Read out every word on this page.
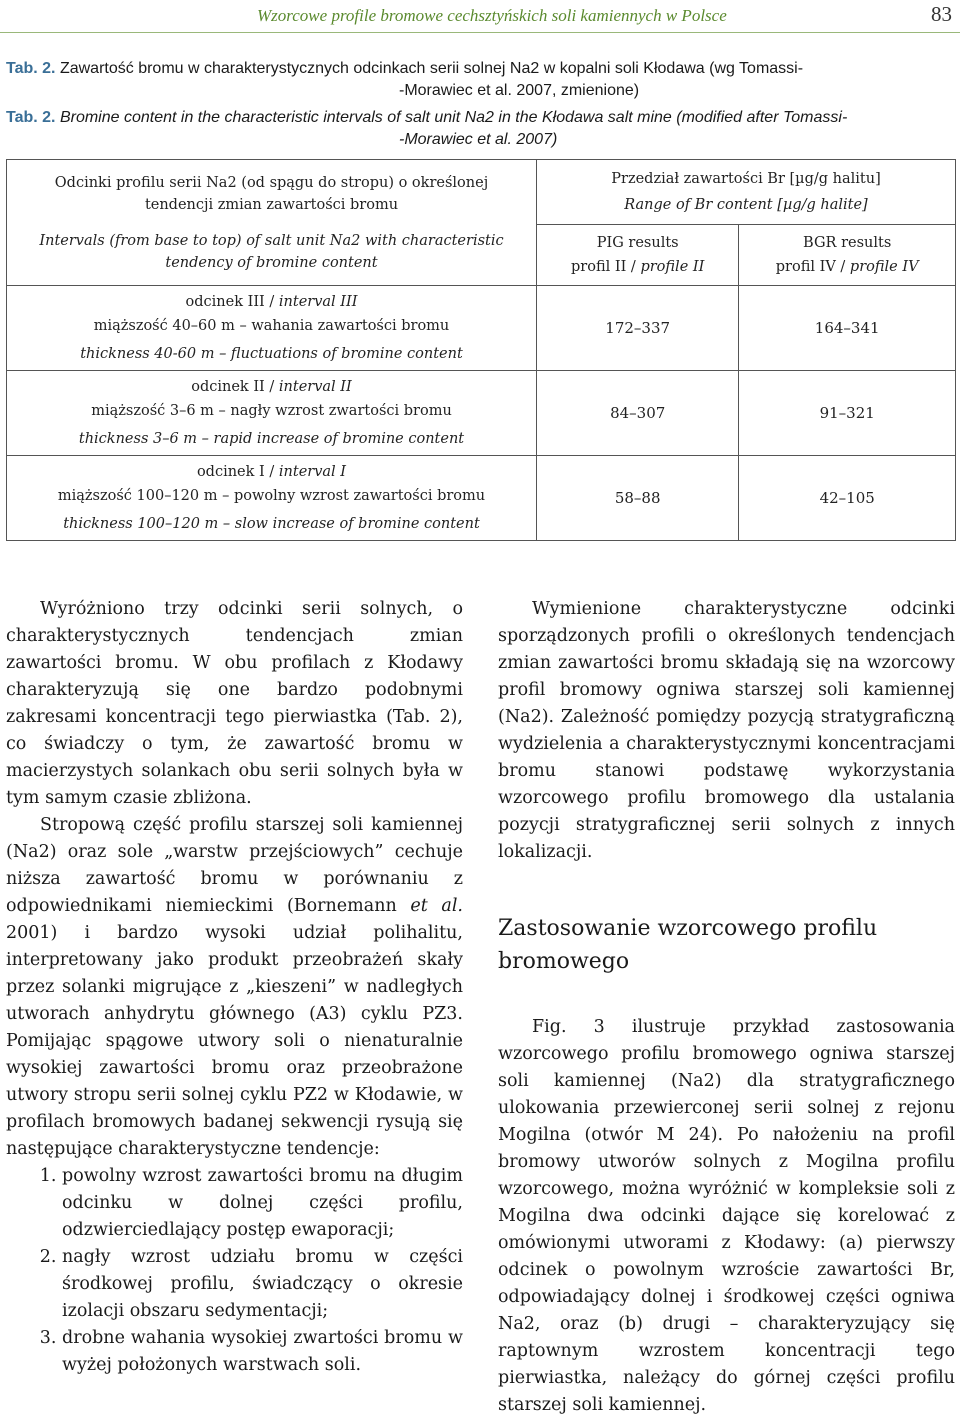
Wzorcowe profile bromowe cechsztyńskich soli kamiennych w Polsce	83
Tab. 2. Zawartość bromu w charakterystycznych odcinkach serii solnej Na2 w kopalni soli Kłodawa (wg Tomassi-
-Morawiec et al. 2007, zmienione)
Tab. 2. Bromine content in the characteristic intervals of salt unit Na2 in the Kłodawa salt mine (modified after Tomassi-
-Morawiec et al. 2007)
Odcinki profilu serii Na2 (od spągu do stropu) o określonej tendencji zmian zawartości bromu
Intervals (from base to top) of salt unit Na2 with characteristic tendency of bromine content	Przedział zawartości Br [µg/g halitu]
Range of Br content [µg/g halite]	

	PIG results
profil II / profile II	BGR results
profil IV / profile IV

odcinek III / interval III
miąższość 40–60 m – wahania zawartości bromu
thickness 40-60 m – fluctuations of bromine content	172–337	164–341

odcinek II / interval II
miąższość 3–6 m – nagły wzrost zwartości bromu
thickness 3–6 m – rapid increase of bromine content	84–307	91–321

odcinek I / interval I
miąższość 100–120 m – powolny wzrost zawartości bromu
thickness 100–120 m – slow increase of bromine content	58–88	42–105

Wyróżniono trzy odcinki serii solnych, o charakterystycznych tendencjach zmian zawartości bromu. W obu profilach z Kłodawy charakteryzują się one bardzo podobnymi zakresami koncentracji tego pierwiastka (Tab. 2), co świadczy o tym, że zawartość bromu w macierzystych solankach obu serii solnych była w tym samym czasie zbliżona.

Stropową część profilu starszej soli kamiennej (Na2) oraz sole „warstw przejściowych” cechuje niższa zawartość bromu w porównaniu z odpowiednikami niemieckimi (Bornemann et al. 2001) i bardzo wysoki udział polihalitu, interpretowany jako produkt przeobrażeń skały przez solanki migrujące z „kieszeni” w nadległych utworach anhydrytu głównego (A3) cyklu PZ3. Pomijając spągowe utwory soli o nienaturalnie wysokiej zawartości bromu oraz przeobrażone utwory stropu serii solnej cyklu PZ2 w Kłodawie, w profilach bromowych badanej sekwencji rysują się następujące charakterystyczne tendencje:

1. powolny wzrost zawartości bromu na długim odcinku w dolnej części profilu, odzwierciedlający postęp ewaporacji;
2. nagły wzrost udziału bromu w części środkowej profilu, świadczący o okresie izolacji obszaru sedymentacji;
3. drobne wahania wysokiej zwartości bromu w wyżej położonych warstwach soli.

Wymienione charakterystyczne odcinki sporządzonych profili o określonych tendencjach zmian zawartości bromu składają się na wzorcowy profil bromowy ogniwa starszej soli kamiennej (Na2). Zależność pomiędzy pozycją stratygraficzną wydzielenia a charakterystycznymi koncentracjami bromu stanowi podstawę wykorzystania wzorcowego profilu bromowego dla ustalania pozycji stratygraficznej serii solnych z innych lokalizacji.

Zastosowanie wzorcowego profilu bromowego

Fig. 3 ilustruje przykład zastosowania wzorcowego profilu bromowego ogniwa starszej soli kamiennej (Na2) dla stratygraficznego ulokowania przewierconej serii solnej z rejonu Mogilna (otwór M 24). Po nałożeniu na profil bromowy utworów solnych z Mogilna profilu wzorcowego, można wyróżnić w kompleksie soli z Mogilna dwa odcinki dające się korelować z omówionymi utworami z Kłodawy: (a) pierwszy odcinek o powolnym wzroście zawartości Br, odpowiadający dolnej i środkowej części ogniwa Na2, oraz (b) drugi – charakteryzujący się raptownym wzrostem koncentracji tego pierwiastka, należący do górnej części profilu starszej soli kamiennej.
